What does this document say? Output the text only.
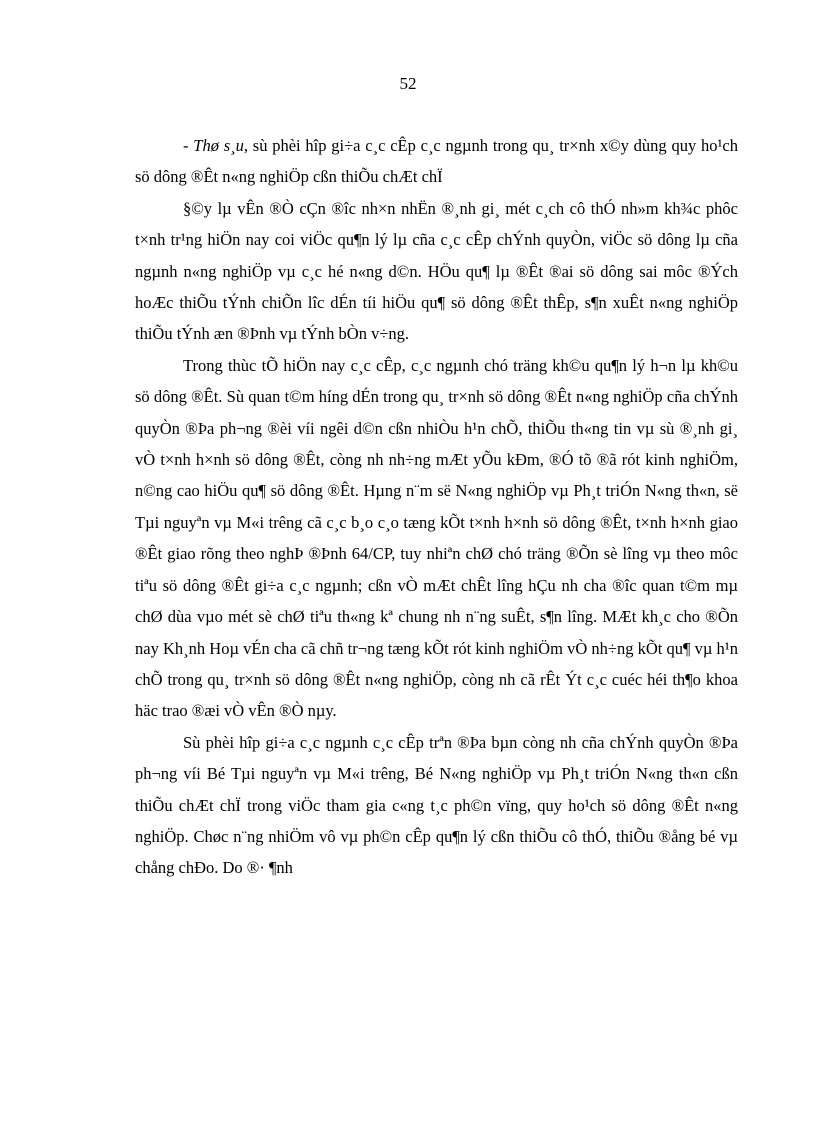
52

- Thø s¸u, sù phèi hîp gi÷a c¸c cÊp c¸c ngµnh trong qu¸ tr×nh x©y dùng quy ho¹ch sö dông ®Êt n«ng nghiÖp cßn thiÕu chÆt chÏ

§©y lµ vÊn ®Ò cÇn ®îc nh×n nhËn ®¸nh gi¸ mét c¸ch cô thÓ nh»m kh¾c phôc t×nh tr¹ng hiÖn nay coi viÖc qu¶n lý lµ cña c¸c cÊp chÝnh quyÒn, viÖc sö dông lµ cña ngµnh n«ng nghiÖp vµ c¸c hé n«ng d©n. HÖu qu¶ lµ ®Êt ®ai sö dông sai môc ®Ých hoÆc thiÕu tÝnh chiÕn lîc dÉn tíi hiÖu qu¶ sö dông ®Êt thÊp, s¶n xuÊt n«ng nghiÖp thiÕu tÝnh æn ®Þnh vµ tÝnh bÒn v÷ng.

Trong thùc tÕ hiÖn nay c¸c cÊp, c¸c ngµnh chó träng kh©u qu¶n lý h¬n lµ kh©u sö dông ®Êt. Sù quan t©m híng dÉn trong qu¸ tr×nh sö dông ®Êt n«ng nghiÖp cña chÝnh quyÒn ®Þa ph¬ng ®èi víi ngêi d©n cßn nhiÒu h¹n chÕ, thiÕu th«ng tin vµ sù ®¸nh gi¸ vÒ t×nh h×nh sö dông ®Êt, còng nh nh÷ng mÆt yÕu kÐm, ®Ó tõ ®ã rót kinh nghiÖm, n©ng cao hiÖu qu¶ sö dông ®Êt. Hµng n¨m së N«ng nghiÖp vµ Ph¸t triÓn N«ng th«n, së Tµi nguyªn vµ M«i trêng cã c¸c b¸o c¸o tæng kÕt t×nh h×nh sö dông ®Êt, t×nh h×nh giao ®Êt giao rõng theo nghÞ ®Þnh 64/CP, tuy nhiªn chØ chó träng ®Õn sè lîng vµ theo môc tiªu sö dông ®Êt gi÷a c¸c ngµnh; cßn vÒ mÆt chÊt lîng hÇu nh cha ®îc quan t©m mµ chØ dùa vµo mét sè chØ tiªu th«ng kª chung nh n¨ng suÊt, s¶n lîng. MÆt kh¸c cho ®Õn nay Kh¸nh Hoµ vÉn cha cã chñ tr¬ng tæng kÕt rót kinh nghiÖm vÒ nh÷ng kÕt qu¶ vµ h¹n chÕ trong qu¸ tr×nh sö dông ®Êt n«ng nghiÖp, còng nh cã rÊt Ýt c¸c cuéc héi th¶o khoa häc trao ®æi vÒ vÊn ®Ò nµy.

Sù phèi hîp gi÷a c¸c ngµnh c¸c cÊp trªn ®Þa bµn còng nh cña chÝnh quyÒn ®Þa ph¬ng víi Bé Tµi nguyªn vµ M«i trêng, Bé N«ng nghiÖp vµ Ph¸t triÓn N«ng th«n cßn thiÕu chÆt chÏ trong viÖc tham gia c«ng t¸c ph©n vïng, quy ho¹ch sö dông ®Êt n«ng nghiÖp. Chøc n¨ng nhiÖm vô vµ ph©n cÊp qu¶n lý cßn thiÕu cô thÓ, thiÕu ®ång bé vµ chång chÐo. Do ®· ¶nh
